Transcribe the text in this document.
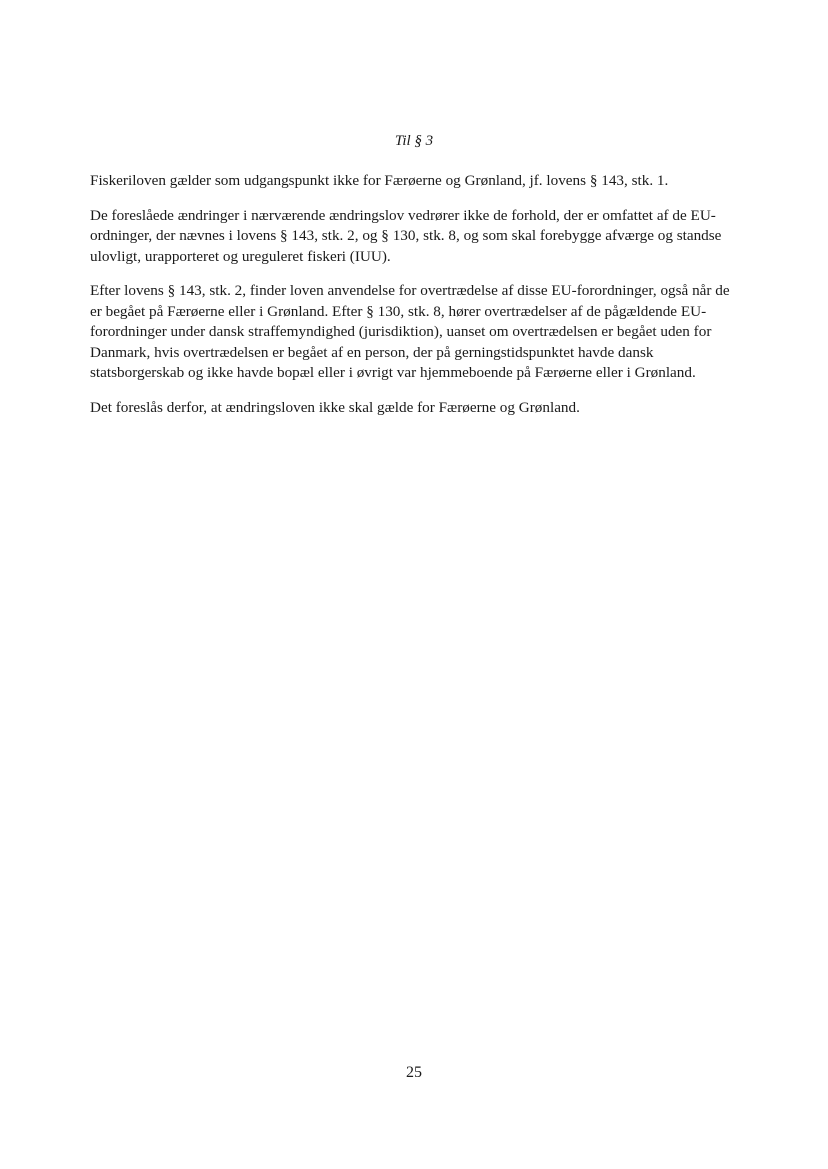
Til § 3

Fiskeriloven gælder som udgangspunkt ikke for Færøerne og Grønland, jf. lovens § 143, stk. 1.

De foreslåede ændringer i nærværende ændringslov vedrører ikke de forhold, der er omfattet af de EU-ordninger, der nævnes i lovens § 143, stk. 2, og § 130, stk. 8, og som skal forebygge afværge og standse ulovligt, urapporteret og ureguleret fiskeri (IUU).

Efter lovens § 143, stk. 2, finder loven anvendelse for overtrædelse af disse EU-forordninger, også når de er begået på Færøerne eller i Grønland. Efter § 130, stk. 8, hører overtrædelser af de pågældende EU-forordninger under dansk straffemyndighed (jurisdiktion), uanset om overtrædelsen er begået uden for Danmark, hvis overtrædelsen er begået af en person, der på gerningstidspunktet havde dansk statsborgerskab og ikke havde bopæl eller i øvrigt var hjemmeboende på Færøerne eller i Grønland.

Det foreslås derfor, at ændringsloven ikke skal gælde for Færøerne og Grønland.

25
